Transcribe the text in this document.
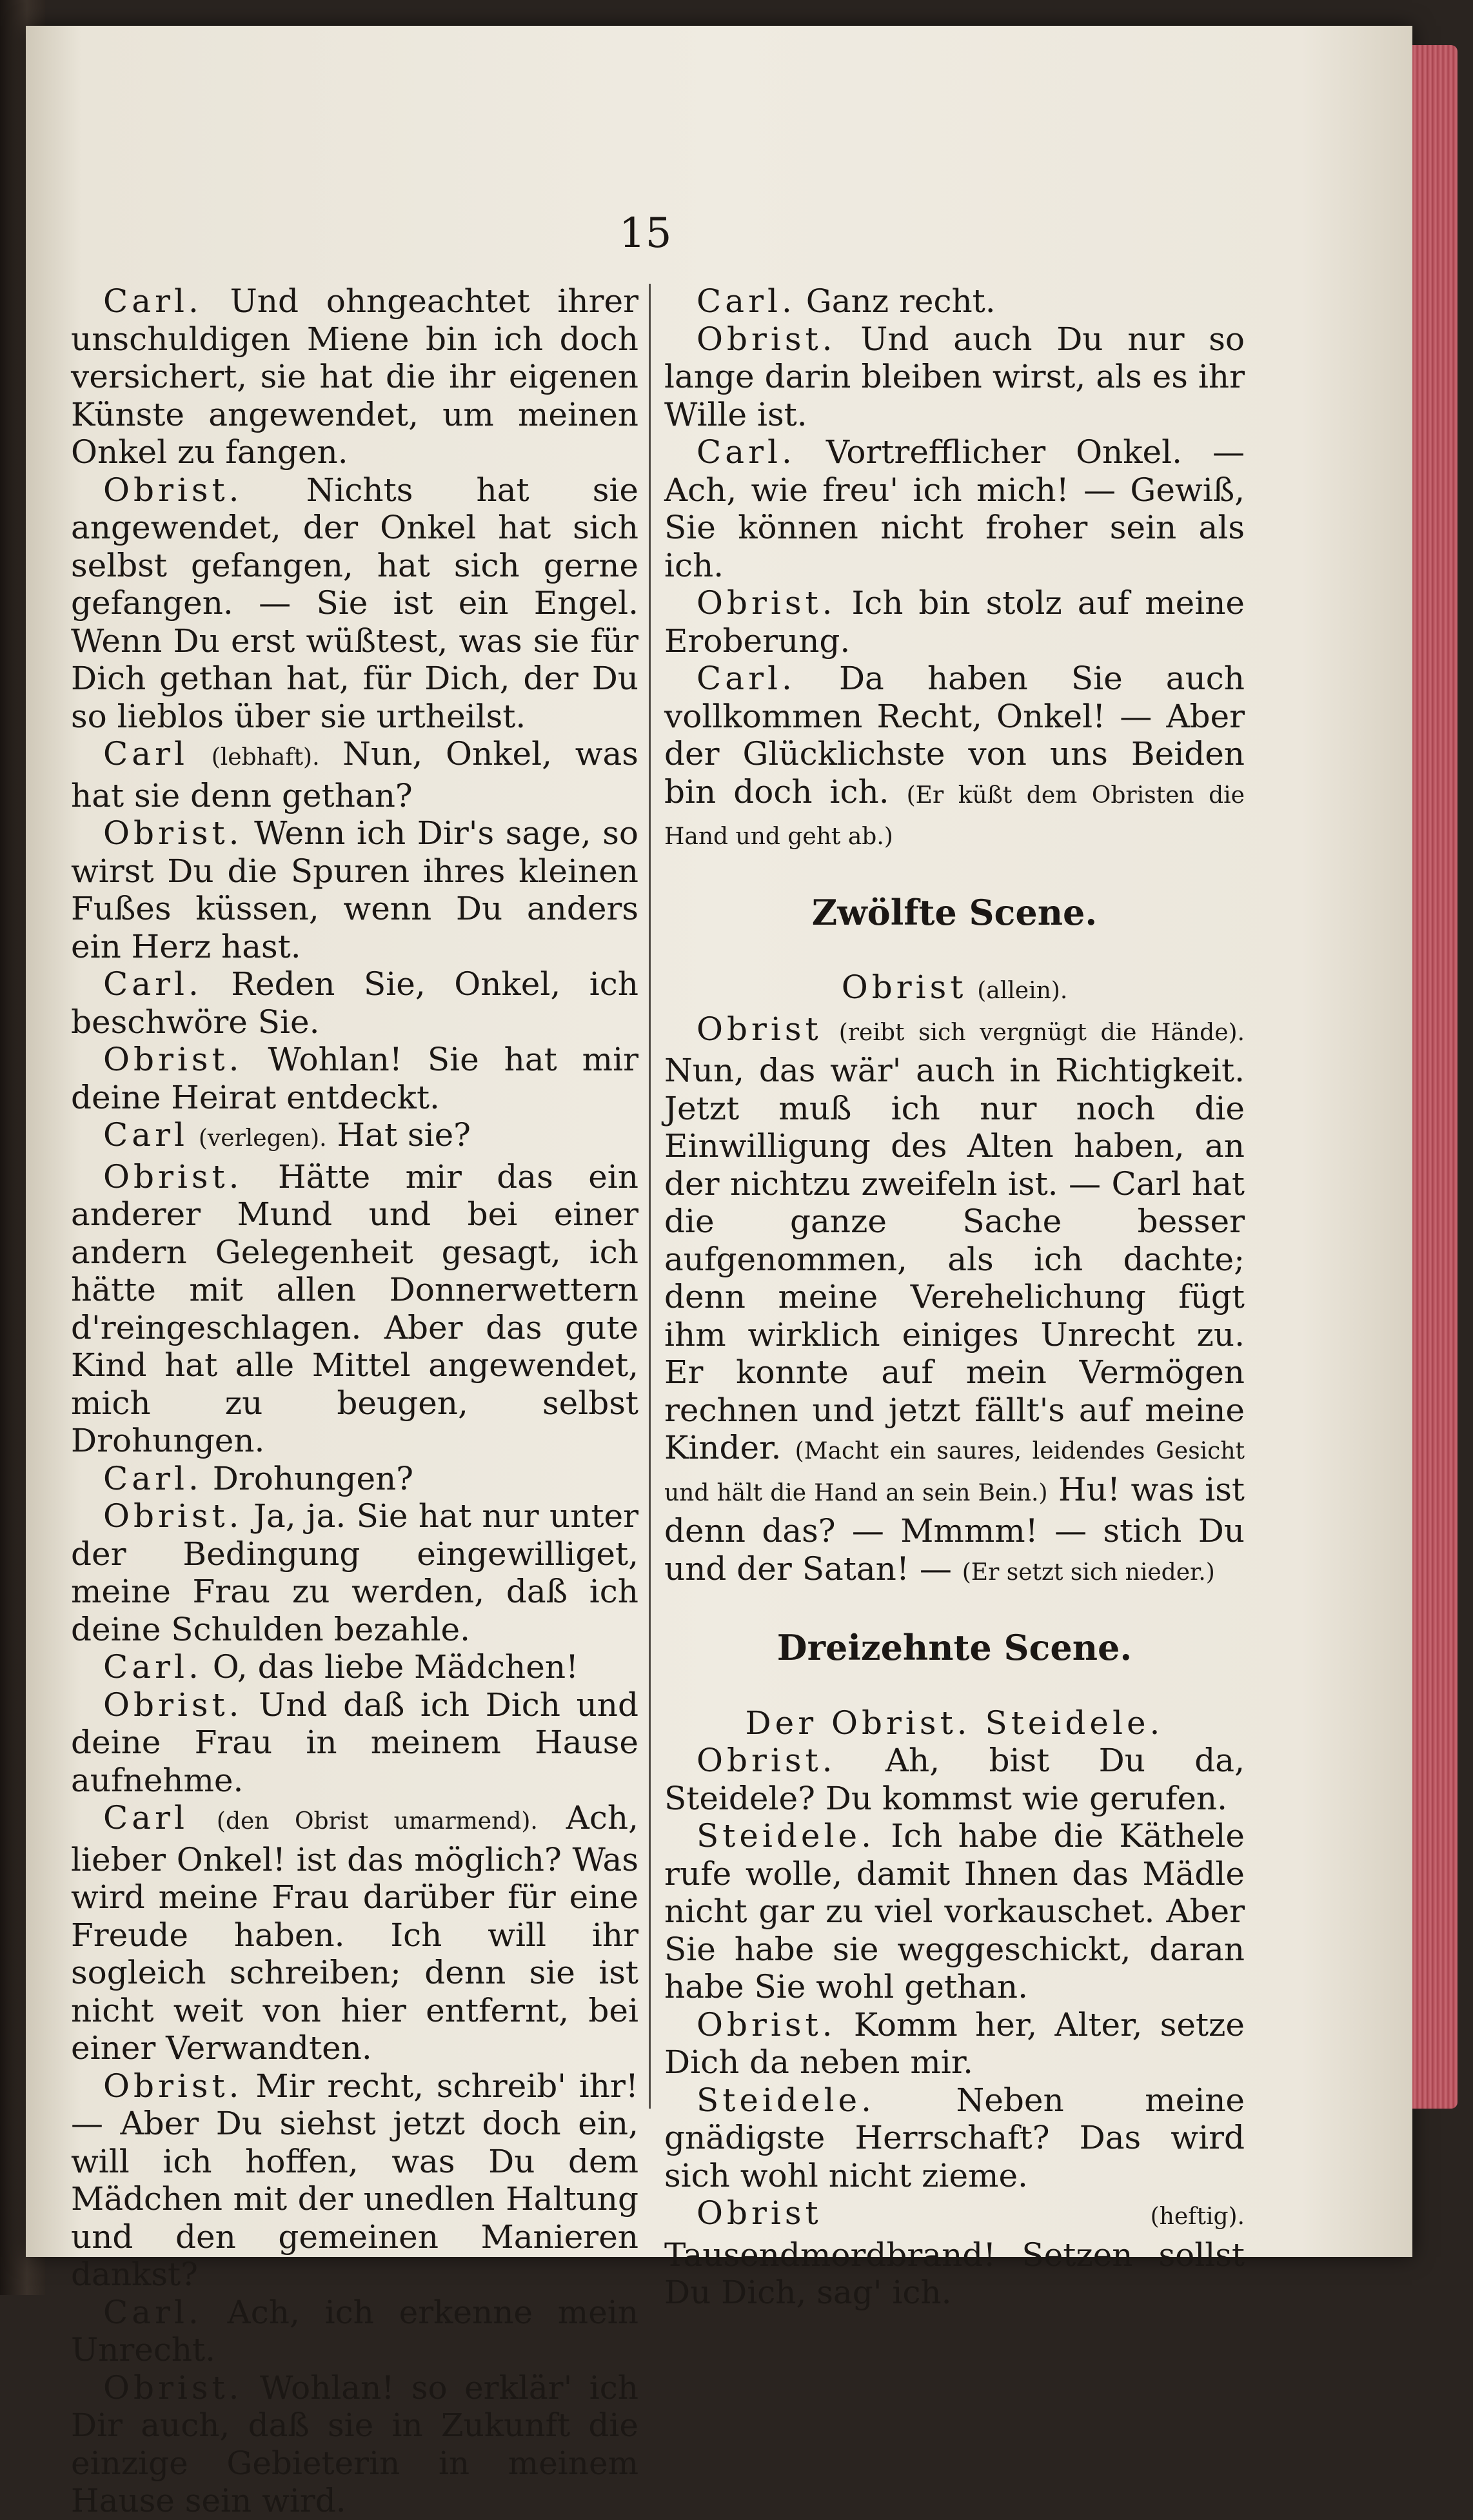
15

Carl. Und ohngeachtet ihrer unschuldigen Miene bin ich doch versichert, sie hat die ihr eigenen Künste angewendet, um meinen Onkel zu fangen.

Obrist. Nichts hat sie angewendet, der Onkel hat sich selbst gefangen, hat sich gerne gefangen. — Sie ist ein Engel. Wenn Du erst wüßtest, was sie für Dich gethan hat, für Dich, der Du so lieblos über sie urtheilst.

Carl (lebhaft). Nun, Onkel, was hat sie denn gethan?

Obrist. Wenn ich Dir's sage, so wirst Du die Spuren ihres kleinen Fußes küssen, wenn Du anders ein Herz hast.

Carl. Reden Sie, Onkel, ich beschwöre Sie.

Obrist. Wohlan! Sie hat mir deine Heirat entdeckt.

Carl (verlegen). Hat sie?

Obrist. Hätte mir das ein anderer Mund und bei einer andern Gelegenheit gesagt, ich hätte mit allen Donnerwettern d'reingeschlagen. Aber das gute Kind hat alle Mittel angewendet, mich zu beugen, selbst Drohungen.

Carl. Drohungen?

Obrist. Ja, ja. Sie hat nur unter der Bedingung eingewilliget, meine Frau zu werden, daß ich deine Schulden bezahle.

Carl. O, das liebe Mädchen!

Obrist. Und daß ich Dich und deine Frau in meinem Hause aufnehme.

Carl (den Obrist umarmend). Ach, lieber Onkel! ist das möglich? Was wird meine Frau darüber für eine Freude haben. Ich will ihr sogleich schreiben; denn sie ist nicht weit von hier entfernt, bei einer Verwandten.

Obrist. Mir recht, schreib' ihr! — Aber Du siehst jetzt doch ein, will ich hoffen, was Du dem Mädchen mit der unedlen Haltung und den gemeinen Manieren dankst?

Carl. Ach, ich erkenne mein Unrecht.

Obrist. Wohlan! so erklär' ich Dir auch, daß sie in Zukunft die einzige Gebieterin in meinem Hause sein wird.

Carl. Ganz recht.

Obrist. Und auch Du nur so lange darin bleiben wirst, als es ihr Wille ist.

Carl. Vortrefflicher Onkel. — Ach, wie freu' ich mich! — Gewiß, Sie können nicht froher sein als ich.

Obrist. Ich bin stolz auf meine Eroberung.

Carl. Da haben Sie auch vollkommen Recht, Onkel! — Aber der Glücklichste von uns Beiden bin doch ich. (Er küßt dem Obristen die Hand und geht ab.)

Zwölfte Scene.

Obrist (allein).

Obrist (reibt sich vergnügt die Hände). Nun, das wär' auch in Richtigkeit. Jetzt muß ich nur noch die Einwilligung des Alten haben, an der nichtzu zweifeln ist. — Carl hat die ganze Sache besser aufgenommen, als ich dachte; denn meine Verehelichung fügt ihm wirklich einiges Unrecht zu. Er konnte auf mein Vermögen rechnen und jetzt fällt's auf meine Kinder. (Macht ein saures, leidendes Gesicht und hält die Hand an sein Bein.) Hu! was ist denn das? — Mmmm! — stich Du und der Satan! — (Er setzt sich nieder.)

Dreizehnte Scene.

Der Obrist. Steidele.

Obrist. Ah, bist Du da, Steidele? Du kommst wie gerufen.

Steidele. Ich habe die Käthele rufe wolle, damit Ihnen das Mädle nicht gar zu viel vorkauschet. Aber Sie habe sie weggeschickt, daran habe Sie wohl gethan.

Obrist. Komm her, Alter, setze Dich da neben mir.

Steidele.	Neben meine gnädigste Herrschaft? Das wird sich wohl nicht zieme.

Obrist	(heftig). Tausendmordbrand! Setzen sollst Du Dich, sag' ich.
